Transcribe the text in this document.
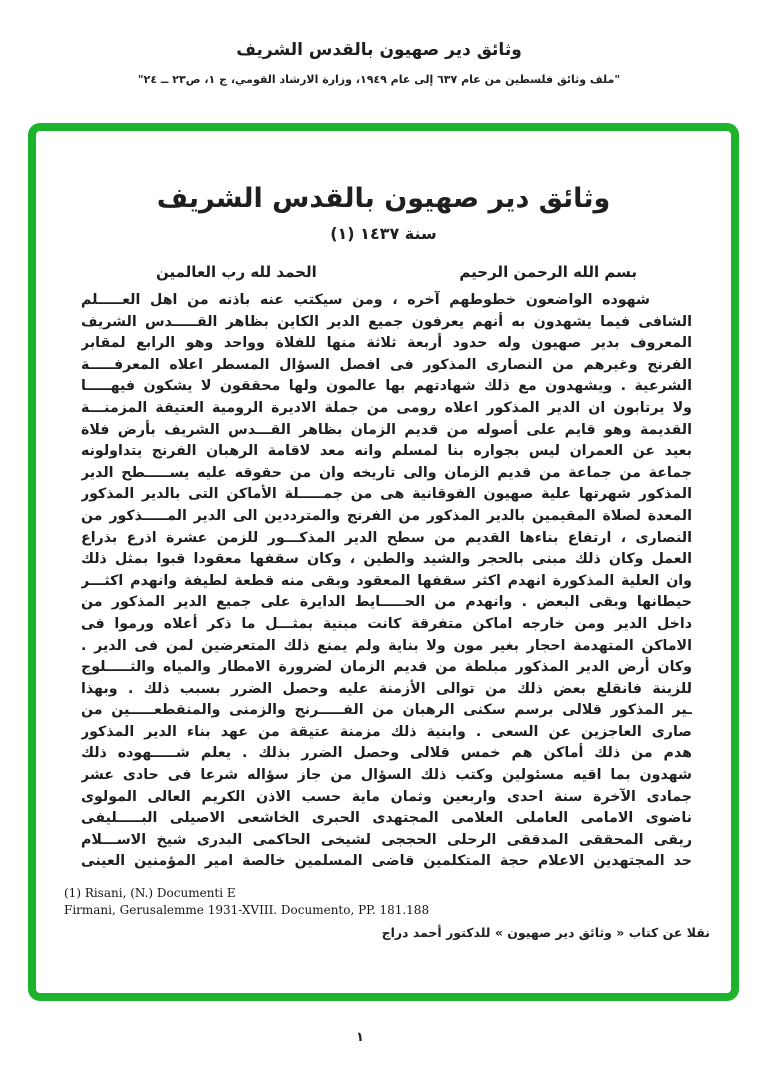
وثائق دير صهيون بالقدس الشريف
"ملف وثائق فلسطين من عام ٦٣٧ إلى عام ١٩٤٩، وزارة الارشاد القومي، ج ١، ص٢٣ ــ ٢٤"
وثائق دير صهيون بالقدس الشريف
سنة ١٤٣٧ (١)
بسم الله الرحمن الرحيم
الحمد لله رب العالمين
شهوده الواضعون خطوطهم آخره ، ومن سيكتب عنه باذنه من اهل العـــــلم
الشافى فيما يشهدون به أنهم يعرفون جميع الدير الكاين بظاهر القـــــدس الشريف
المعروف بدير صهيون وله حدود أربعة ثلاثة منها للفلاة وواحد وهو الرابع لمقابر
الفرنج وغيرهم من النصارى المذكور فى افصل السؤال المسطر اعلاه المعرفـــــة
الشرعية . ويشهدون مع ذلك شهادتهم بها عالمون ولها محققون لا يشكون فيهـــــا
ولا يرتابون ان الدير المذكور اعلاه رومى من جملة الاديرة الرومية العتيقة المزمنـــة
القديمة وهو قايم على أصوله من قديم الزمان بظاهر القـــدس الشريف بأرض فلاة
بعيد عن العمران ليس بجواره بنا لمسلم وانه معد لاقامة الرهبان الفرنج يتداولونه
جماعة من جماعة من قديم الزمان والى تاريخه وان من حقوقه عليه يســـــطح الدير
المذكور شهرتها علية صهيون الفوقانية هى من جمـــــلة الأماكن التى بالدير المذكور
المعدة لصلاة المقيمين بالدير المذكور من الفرنج والمترددين الى الدير المـــــذكور من
النصارى ، ارتفاع بناءها القديم من سطح الدير المذكـــور للزمن عشرة اذرع بذراع
العمل وكان ذلك مبنى بالحجر والشيد والطين ، وكان سقفها معقودا قبوا بمثل ذلك
وان العلية المذكورة انهدم اكثر سقفها المعقود وبقى منه قطعة لطيفة وانهدم اكثـــر
حيطانها وبقى البعض . وانهدم من الحـــــايط الدايرة على جميع الدير المذكور من
داخل الدير ومن خارجه اماكن متفرقة كانت مبنية بمثـــل ما ذكر أعلاه ورموا فى
الاماكن المتهدمة احجار بغير مون ولا بناية ولم يمنع ذلك المتعرضين لمن فى الدير .
وكان أرض الدير المذكور مبلطة من قديم الزمان لضرورة الامطار والمياه والثـــــلوج
للزينة فانقلع بعض ذلك من توالى الأزمنة عليه وحصل الضرر بسبب ذلك . وبهذا
ـير المذكور قلالى برسم سكنى الرهبان من الفـــــرنج والزمنى والمنقطعـــــين من
صارى العاجزين عن السعى . وابنية ذلك مزمنة عتيقة من عهد بناء الدير المذكور
هدم من ذلك أماكن هم خمس قلالى وحصل الضرر بذلك . يعلم شـــــهوده ذلك
شهدون بما اقيه مسئولين وكتب ذلك السؤال من جاز سؤاله شرعا فى حادى عشر
جمادى الآخرة سنة احدى واربعين وثمان ماية حسب الاذن الكريم العالى المولوى
ناضوى الامامى العاملى العلامى المجتهدى الحبرى الخاشعى الاصيلى البـــــليفى
ريقى المحققى المدققى الرحلى الحججى لشيخى الحاكمى البدرى شيخ الاســـلام
حد المجتهدين الاعلام حجة المتكلمين قاضى المسلمين خالصة امير المؤمنين العينى
(1) Risani, (N.) Documenti E
Firmani, Gerusalemme 1931-XVIII. Documento, PP. 181.188
نقلا عن كتاب « وثائق دير صهيون » للدكتور أحمد دراج
١
